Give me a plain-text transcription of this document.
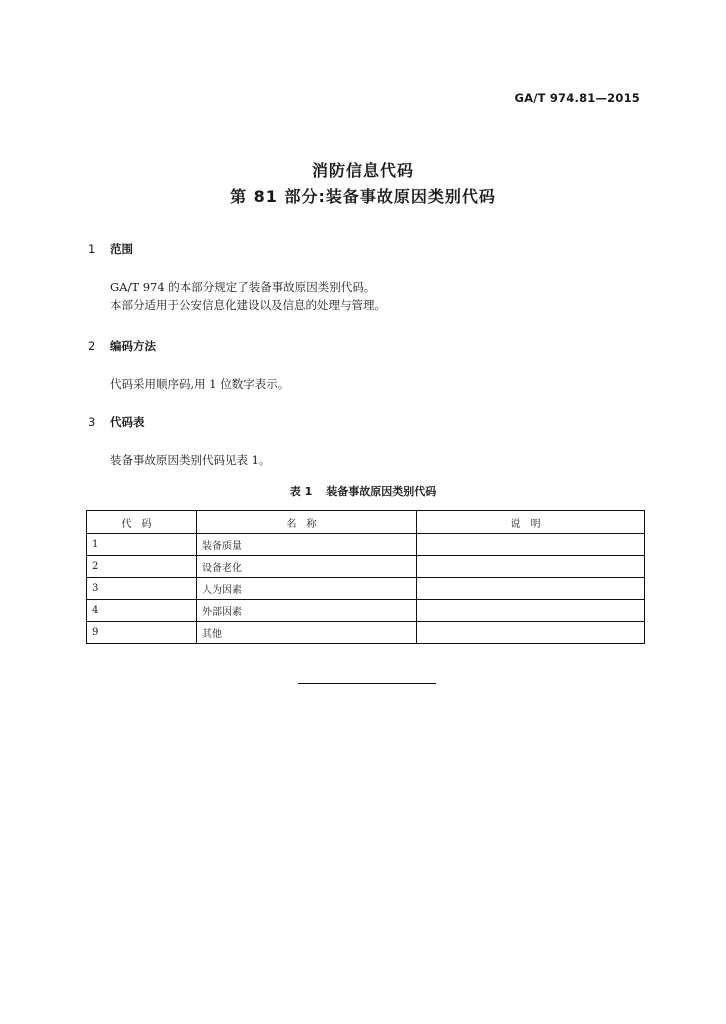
GA/T 974.81—2015
消防信息代码
第 81 部分:装备事故原因类别代码
1 范围
GA/T 974 的本部分规定了装备事故原因类别代码。
本部分适用于公安信息化建设以及信息的处理与管理。
2 编码方法
代码采用顺序码,用 1 位数字表示。
3 代码表
装备事故原因类别代码见表 1。
表 1 装备事故原因类别代码
代码	名称	说明
1	装备质量	
2	设备老化	
3	人为因素	
4	外部因素	
9	其他	
